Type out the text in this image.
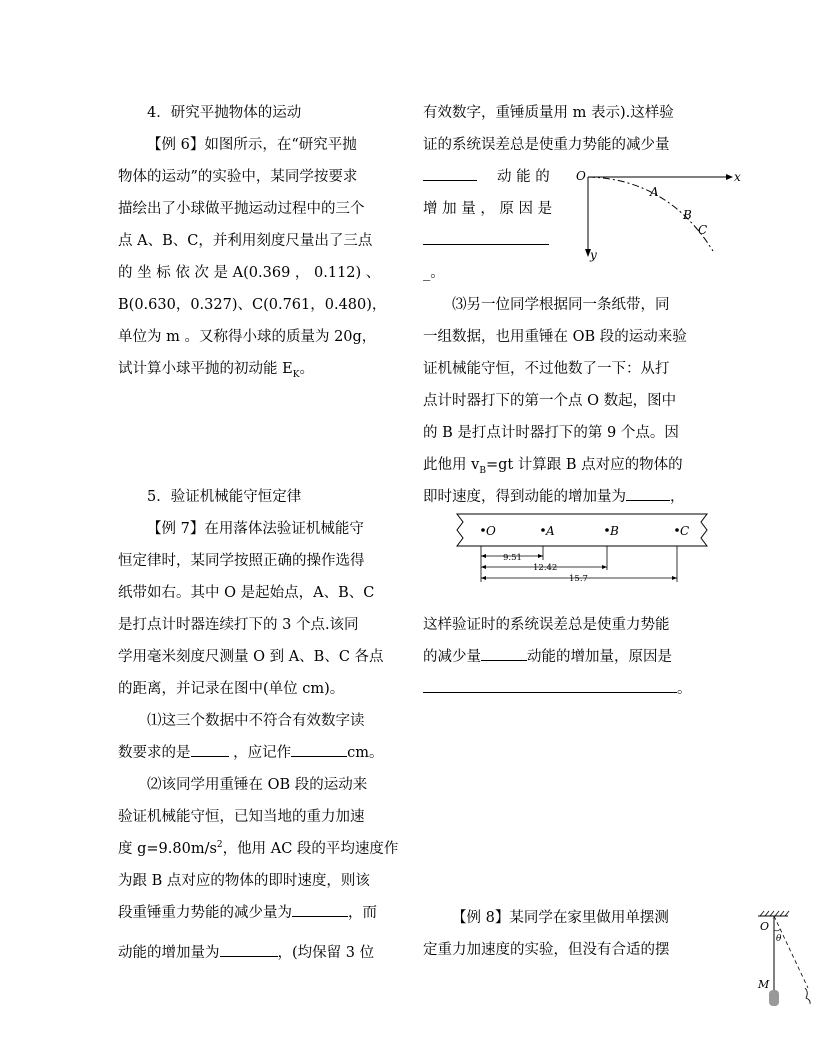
4．研究平抛物体的运动
【例 6】如图所示，在“研究平抛
物体的运动”的实验中，某同学按要求
描绘出了小球做平抛运动过程中的三个
点 A、B、C，并利用刻度尺量出了三点
的 坐 标 依 次 是 A(0.369 ， 0.112) 、
B(0.630，0.327)、C(0.761，0.480)，
单位为 m 。又称得小球的质量为 20g，
试计算小球平抛的初动能 $E_K$。
5．验证机械能守恒定律
【例 7】在用落体法验证机械能守
恒定律时，某同学按照正确的操作选得
纸带如右。其中 O 是起始点，A、B、C
是打点计时器连续打下的 3 个点.该同
学用毫米刻度尺测量 O 到 A、B、C 各点
的距离，并记录在图中(单位 cm)。
⑴这三个数据中不符合有效数字读
数要求的是	，应记作	cm。
⑵该同学用重锤在 OB 段的运动来
验证机械能守恒，已知当地的重力加速
度 $g=9.80m/s^2$，他用 AC 段的平均速度作
为跟 B 点对应的物体的即时速度，则该
段重锤重力势能的减少量为	，而
动能的增加量为	，(均保留 3 位
有效数字，重锤质量用 m 表示).这样验
证的系统误差总是使重力势能的减少量
动 能 的
增 加 量 ， 原 因 是
_。
⑶另一位同学根据同一条纸带，同
一组数据，也用重锤在 OB 段的运动来验
证机械能守恒，不过他数了一下：从打
点计时器打下的第一个点 O 数起，图中
的 B 是打点计时器打下的第 9 个点。因
此他用 $v_B=gt$ 计算跟 B 点对应的物体的
即时速度，得到动能的增加量为	，
这样验证时的系统误差总是使重力势能
的减少量	动能的增加量，原因是
。
【例 8】某同学在家里做用单摆测
定重力加速度的实验，但没有合适的摆
O	x
y
A
B
C
O	A	B	C
9.51
12.42
15.7
O
θ
M
